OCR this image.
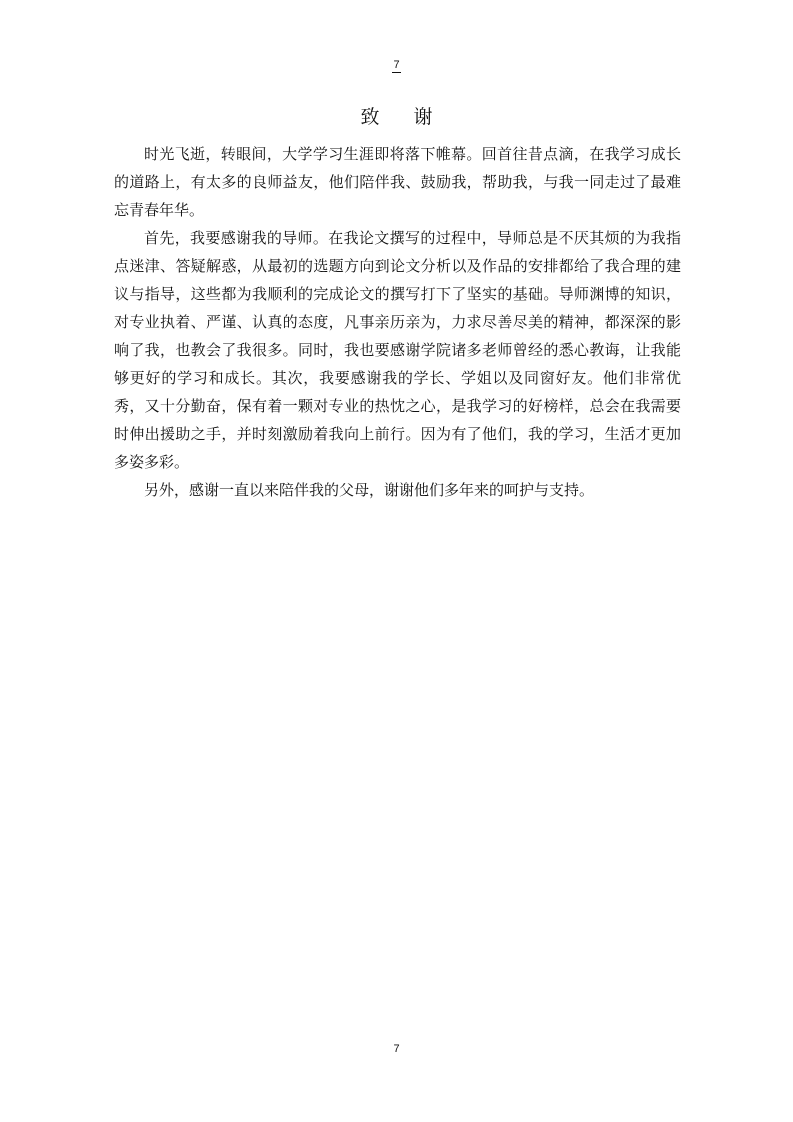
7
致 谢

时光飞逝，转眼间，大学学习生涯即将落下帷幕。回首往昔点滴，在我学习成长的道路上，有太多的良师益友，他们陪伴我、鼓励我，帮助我，与我一同走过了最难忘青春年华。

首先，我要感谢我的导师。在我论文撰写的过程中，导师总是不厌其烦的为我指点迷津、答疑解惑，从最初的选题方向到论文分析以及作品的安排都给了我合理的建议与指导，这些都为我顺利的完成论文的撰写打下了坚实的基础。导师渊博的知识，对专业执着、严谨、认真的态度，凡事亲历亲为，力求尽善尽美的精神，都深深的影响了我，也教会了我很多。同时，我也要感谢学院诸多老师曾经的悉心教诲，让我能够更好的学习和成长。其次，我要感谢我的学长、学姐以及同窗好友。他们非常优秀，又十分勤奋，保有着一颗对专业的热忱之心，是我学习的好榜样，总会在我需要时伸出援助之手，并时刻激励着我向上前行。因为有了他们，我的学习，生活才更加多姿多彩。

另外，感谢一直以来陪伴我的父母，谢谢他们多年来的呵护与支持。

7
